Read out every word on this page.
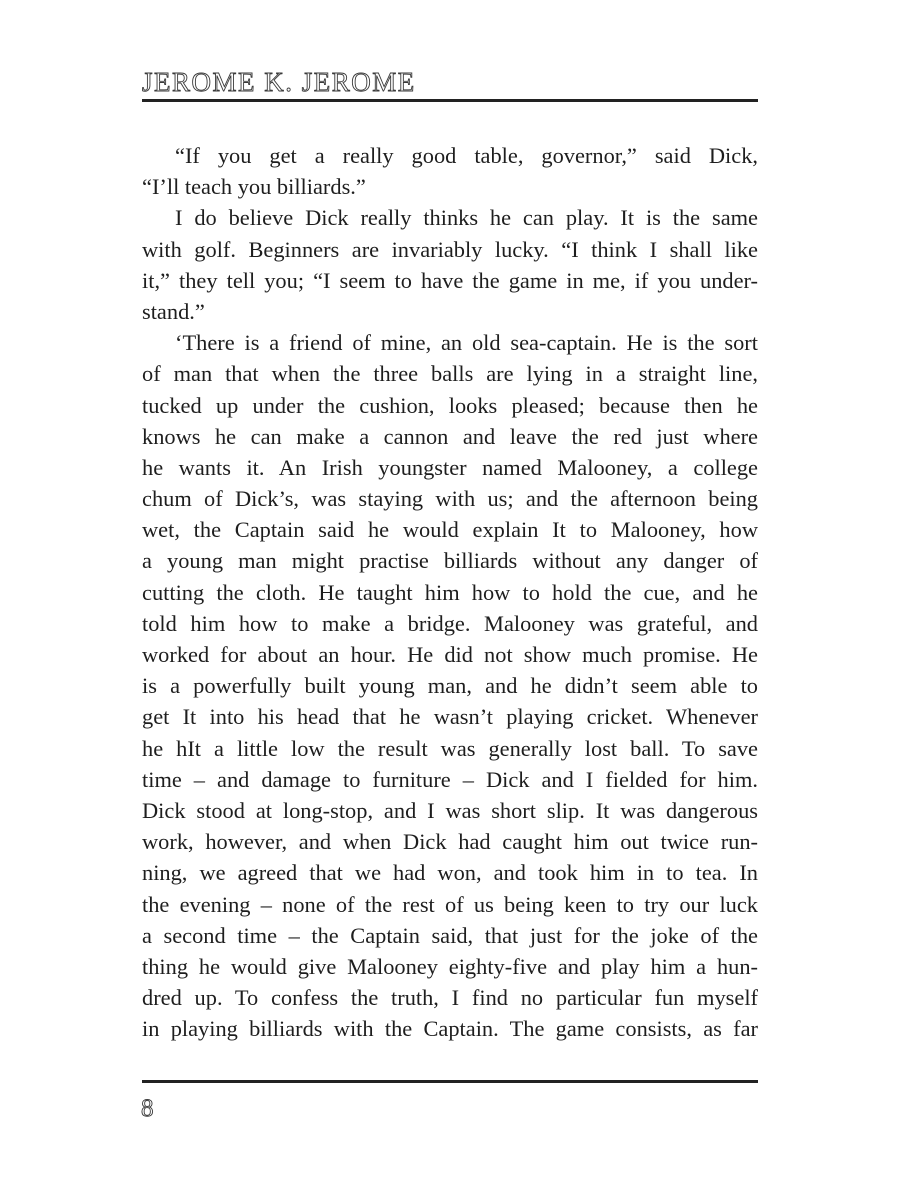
JEROME K. JEROME
“If you get a really good table, governor,” said Dick,
“I’ll teach you billiards.”
I do believe Dick really thinks he can play. It is the same
with golf. Beginners are invariably lucky. “I think I shall like
it,” they tell you; “I seem to have the game in me, if you under-
stand.”
‘There is a friend of mine, an old sea-captain. He is the sort
of man that when the three balls are lying in a straight line,
tucked up under the cushion, looks pleased; because then he
knows he can make a cannon and leave the red just where
he wants it. An Irish youngster named Malooney, a college
chum of Dick’s, was staying with us; and the afternoon being
wet, the Captain said he would explain It to Malooney, how
a young man might practise billiards without any danger of
cutting the cloth. He taught him how to hold the cue, and he
told him how to make a bridge. Malooney was grateful, and
worked for about an hour. He did not show much promise. He
is a powerfully built young man, and he didn’t seem able to
get It into his head that he wasn’t playing cricket. Whenever
he hIt a little low the result was generally lost ball. To save
time – and damage to furniture – Dick and I fielded for him.
Dick stood at long-stop, and I was short slip. It was dangerous
work, however, and when Dick had caught him out twice run-
ning, we agreed that we had won, and took him in to tea. In
the evening – none of the rest of us being keen to try our luck
a second time – the Captain said, that just for the joke of the
thing he would give Malooney eighty-five and play him a hun-
dred up. To confess the truth, I find no particular fun myself
in playing billiards with the Captain. The game consists, as far
8
